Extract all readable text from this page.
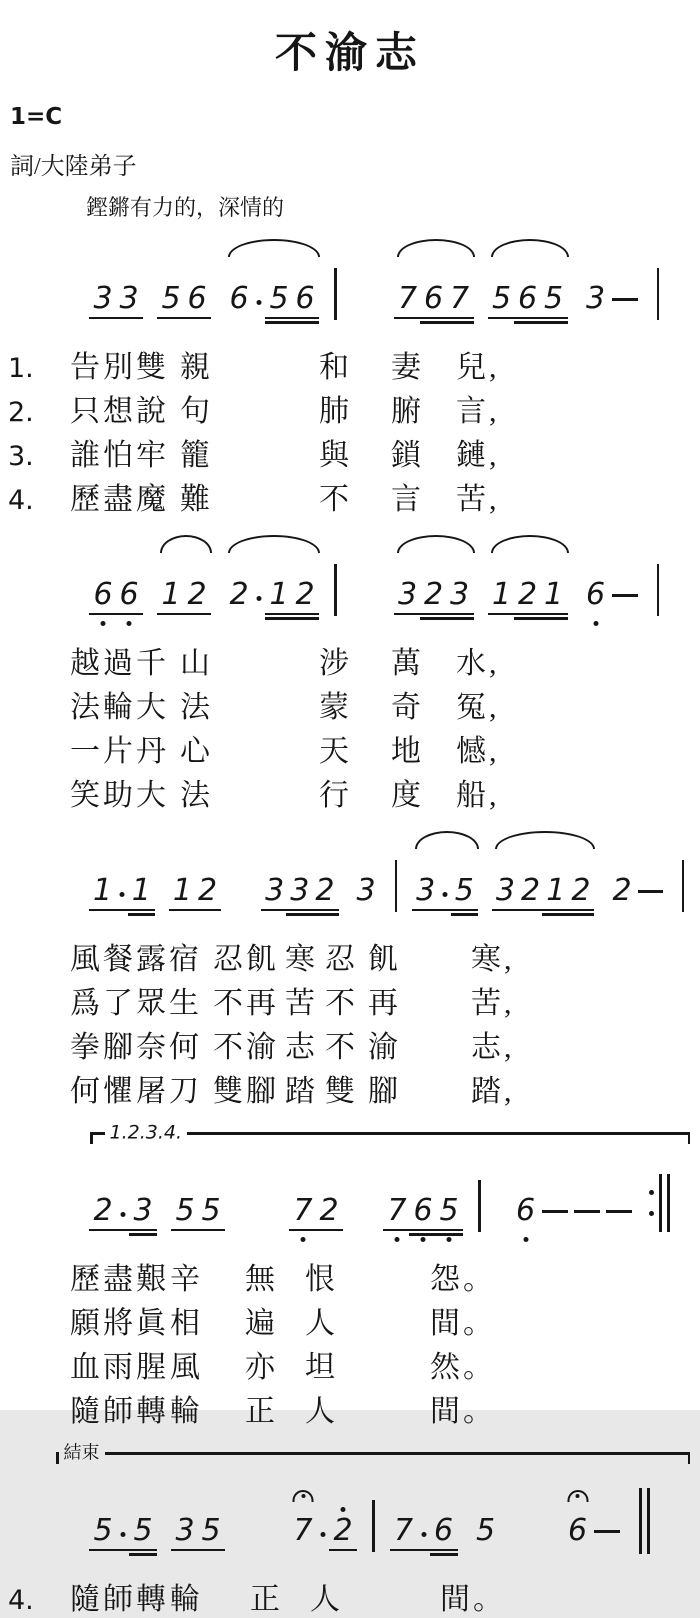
不渝志
1=C
詞/大陸弟子
鏗鏘有力的，深情的
3 3 5 6 6 5 6	7 6 7 5 6 5 3
1.	告別雙 親	和	妻	兒,
2.	只想說 句	肺	腑	言,
3.	誰怕牢 籠	與	鎖	鏈,
4.	歷盡魔 難	不	言	苦,
6 6 1 2 2 1 2	3 2 3 1 2 1 6
越過千 山	涉	萬	水,
法輪大 法	蒙	奇	冤,
一片丹 心	天	地	憾,
笑助大 法	行	度	船,
1 1 1 2 3 3 2 3 3 5 3 2 1 2 2
風餐露宿 忍飢 寒 忍 飢	寒,
爲了眾生 不再 苦 不 再	苦,
拳腳奈何 不渝 志 不 渝	志,
何懼屠刀 雙腳 踏 雙 腳	踏,
1.2.3.4.
2 3 5 5 7 2 7 6 5 6
歷盡艱 辛	無 恨	怨。
願將眞 相	遍 人	間。
血雨腥 風	亦 坦	然。
隨師轉 輪	正 人	間。
結束
5 5 3 5 7 2 7 6 5 6
4.	隨師轉 輪	正 人	間。
